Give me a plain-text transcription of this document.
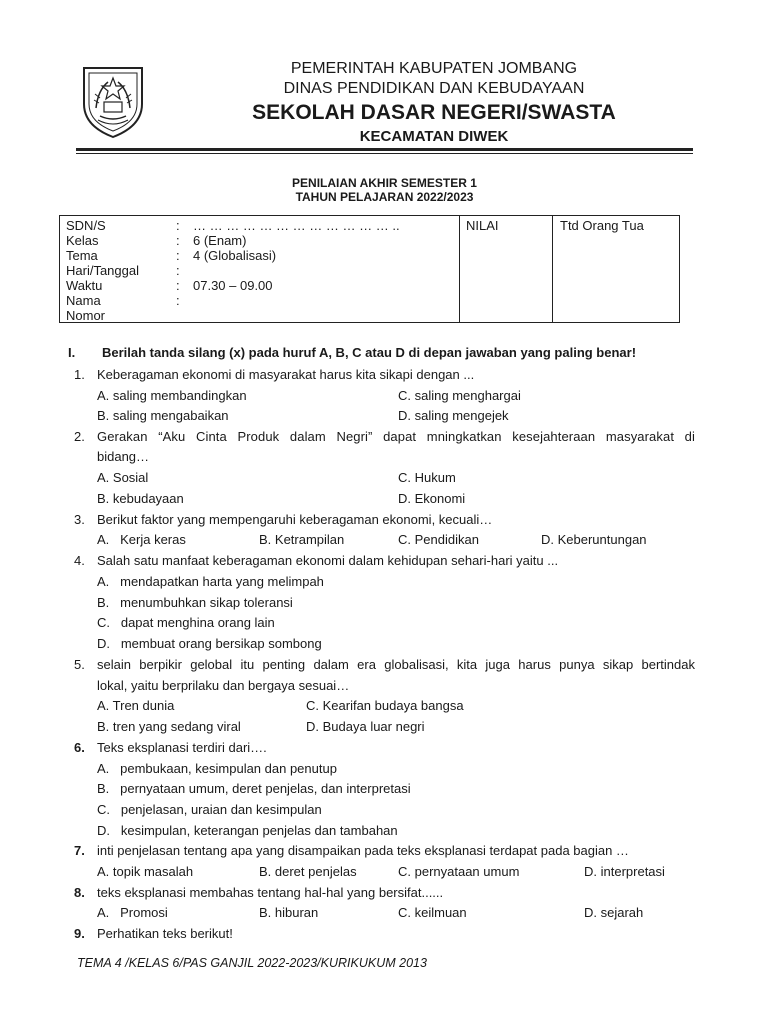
PEMERINTAH KABUPATEN JOMBANG
DINAS PENDIDIKAN DAN KEBUDAYAAN
SEKOLAH DASAR NEGERI/SWASTA
KECAMATAN DIWEK
PENILAIAN AKHIR SEMESTER 1
TAHUN PELAJARAN 2022/2023
SDN/S	: … … … … … … … … … … … … ..
Kelas	: 6 (Enam)
Tema	: 4 (Globalisasi)
Hari/Tanggal	:
Waktu	: 07.30 – 09.00
Nama	:
Nomor
NILAI	Ttd Orang Tua
I. Berilah tanda silang (x) pada huruf A, B, C atau D di depan jawaban yang paling benar!
1. Keberagaman ekonomi di masyarakat harus kita sikapi dengan ...
A. saling membandingkan	C. saling menghargai
B. saling mengabaikan	D. saling mengejek
2. Gerakan “Aku Cinta Produk dalam Negri” dapat mningkatkan kesejahteraan masyarakat di
bidang…
A. Sosial	C. Hukum
B. kebudayaan	D. Ekonomi
3. Berikut faktor yang mempengaruhi keberagaman ekonomi, kecuali…
A.   Kerja keras	B. Ketrampilan	C. Pendidikan	D. Keberuntungan
4. Salah satu manfaat keberagaman ekonomi dalam kehidupan sehari-hari yaitu ...
A.   mendapatkan harta yang melimpah
B.   menumbuhkan sikap toleransi
C.   dapat menghina orang lain
D.   membuat orang bersikap sombong
5. selain berpikir gelobal itu penting dalam era globalisasi, kita juga harus punya sikap bertindak
lokal, yaitu berprilaku dan bergaya sesuai…
A. Tren dunia	C. Kearifan budaya bangsa
B. tren yang sedang viral	D. Budaya luar negri
6. Teks eksplanasi terdiri dari….
A.   pembukaan, kesimpulan dan penutup
B.   pernyataan umum, deret penjelas, dan interpretasi
C.   penjelasan, uraian dan kesimpulan
D.   kesimpulan, keterangan penjelas dan tambahan
7. inti penjelasan tentang apa yang disampaikan pada teks eksplanasi terdapat pada bagian …
A. topik masalah	B. deret penjelas	C. pernyataan umum	D. interpretasi
8. teks eksplanasi membahas tentang hal-hal yang bersifat......
A.   Promosi	B. hiburan	C. keilmuan	D. sejarah
9. Perhatikan teks berikut!
TEMA 4 /KELAS 6/PAS GANJIL 2022-2023/KURIKUKUM 2013
